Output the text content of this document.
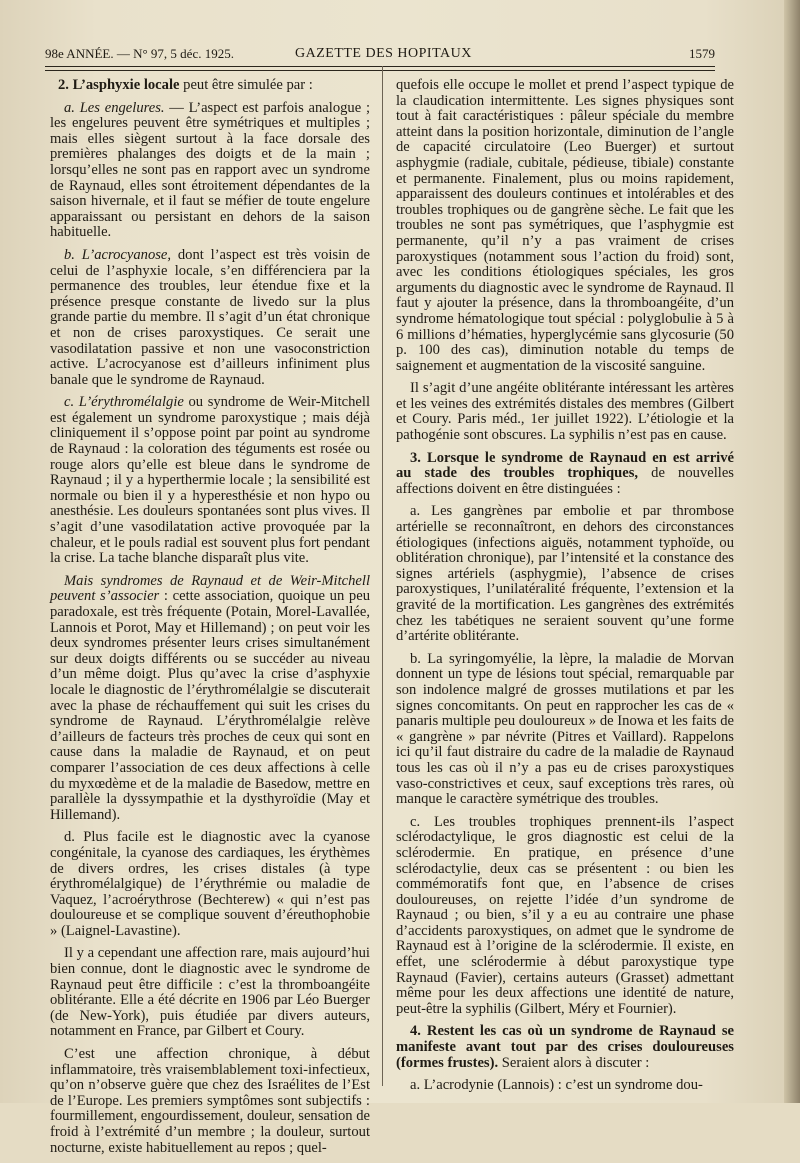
98e ANNÉE. — N° 97, 5 déc. 1925.	GAZETTE DES HOPITAUX	1579

2. L’asphyxie locale peut être simulée par :

a. Les engelures. — L’aspect est parfois analogue ; les engelures peuvent être symétriques et multiples ; mais elles siègent surtout à la face dorsale des premières phalanges des doigts et de la main ; lorsqu’elles ne sont pas en rapport avec un syndrome de Raynaud, elles sont étroitement dépendantes de la saison hivernale, et il faut se méfier de toute engelure apparaissant ou persistant en dehors de la saison habituelle.

b. L’acrocyanose, dont l’aspect est très voisin de celui de l’asphyxie locale, s’en différenciera par la permanence des troubles, leur étendue fixe et la présence presque constante de livedo sur la plus grande partie du membre. Il s’agit d’un état chronique et non de crises paroxystiques. Ce serait une vasodilatation passive et non une vasoconstriction active. L’acrocyanose est d’ailleurs infiniment plus banale que le syndrome de Raynaud.

c. L’érythromélalgie ou syndrome de Weir-Mitchell est également un syndrome paroxystique ; mais déjà cliniquement il s’oppose point par point au syndrome de Raynaud : la coloration des téguments est rosée ou rouge alors qu’elle est bleue dans le syndrome de Raynaud ; il y a hyperthermie locale ; la sensibilité est normale ou bien il y a hyperesthésie et non hypo ou anesthésie. Les douleurs spontanées sont plus vives. Il s’agit d’une vasodilatation active provoquée par la chaleur, et le pouls radial est souvent plus fort pendant la crise. La tache blanche disparaît plus vite.

Mais syndromes de Raynaud et de Weir-Mitchell peuvent s’associer : cette association, quoique un peu paradoxale, est très fréquente (Potain, Morel-Lavallée, Lannois et Porot, May et Hillemand) ; on peut voir les deux syndromes présenter leurs crises simultanément sur deux doigts différents ou se succéder au niveau d’un même doigt. Plus qu’avec la crise d’asphyxie locale le diagnostic de l’érythromélalgie se discuterait avec la phase de réchauffement qui suit les crises du syndrome de Raynaud. L’érythromélalgie relève d’ailleurs de facteurs très proches de ceux qui sont en cause dans la maladie de Raynaud, et on peut comparer l’association de ces deux affections à celle du myxœdème et de la maladie de Basedow, mettre en parallèle la dyssympathie et la dysthyroïdie (May et Hillemand).

d. Plus facile est le diagnostic avec la cyanose congénitale, la cyanose des cardiaques, les érythèmes de divers ordres, les crises distales (à type érythromélalgique) de l’érythrémie ou maladie de Vaquez, l’acroérythrose (Bechterew) « qui n’est pas douloureuse et se complique souvent d’éreuthophobie » (Laignel-Lavastine).

Il y a cependant une affection rare, mais aujourd’hui bien connue, dont le diagnostic avec le syndrome de Raynaud peut être difficile : c’est la thromboangéite oblitérante. Elle a été décrite en 1906 par Léo Buerger (de New-York), puis étudiée par divers auteurs, notamment en France, par Gilbert et Coury.

C’est une affection chronique, à début inflammatoire, très vraisemblablement toxi-infectieux, qu’on n’observe guère que chez des Israélites de l’Est de l’Europe. Les premiers symptômes sont subjectifs : fourmillement, engourdissement, douleur, sensation de froid à l’extrémité d’un membre ; la douleur, surtout nocturne, existe habituellement au repos ; quel-

quefois elle occupe le mollet et prend l’aspect typique de la claudication intermittente. Les signes physiques sont tout à fait caractéristiques : pâleur spéciale du membre atteint dans la position horizontale, diminution de l’angle de capacité circulatoire (Leo Buerger) et surtout asphygmie (radiale, cubitale, pédieuse, tibiale) constante et permanente. Finalement, plus ou moins rapidement, apparaissent des douleurs continues et intolérables et des troubles trophiques ou de gangrène sèche. Le fait que les troubles ne sont pas symétriques, que l’asphygmie est permanente, qu’il n’y a pas vraiment de crises paroxystiques (notamment sous l’action du froid) sont, avec les conditions étiologiques spéciales, les gros arguments du diagnostic avec le syndrome de Raynaud. Il faut y ajouter la présence, dans la thromboangéite, d’un syndrome hématologique tout spécial : polyglobulie à 5 à 6 millions d’hématies, hyperglycémie sans glycosurie (50 p. 100 des cas), diminution notable du temps de saignement et augmentation de la viscosité sanguine.

Il s’agit d’une angéite oblitérante intéressant les artères et les veines des extrémités distales des membres (Gilbert et Coury. Paris méd., 1er juillet 1922). L’étiologie et la pathogénie sont obscures. La syphilis n’est pas en cause.

3. Lorsque le syndrome de Raynaud en est arrivé au stade des troubles trophiques, de nouvelles affections doivent en être distinguées :

a. Les gangrènes par embolie et par thrombose artérielle se reconnaîtront, en dehors des circonstances étiologiques (infections aiguës, notamment typhoïde, ou oblitération chronique), par l’intensité et la constance des signes artériels (asphygmie), l’absence de crises paroxystiques, l’unilatéralité fréquente, l’extension et la gravité de la mortification. Les gangrènes des extrémités chez les tabétiques ne seraient souvent qu’une forme d’artérite oblitérante.

b. La syringomyélie, la lèpre, la maladie de Morvan donnent un type de lésions tout spécial, remarquable par son indolence malgré de grosses mutilations et par les signes concomitants. On peut en rapprocher les cas de « panaris multiple peu douloureux » de Inowa et les faits de « gangrène » par névrite (Pitres et Vaillard). Rappelons ici qu’il faut distraire du cadre de la maladie de Raynaud tous les cas où il n’y a pas eu de crises paroxystiques vaso-constrictives et ceux, sauf exceptions très rares, où manque le caractère symétrique des troubles.

c. Les troubles trophiques prennent-ils l’aspect sclérodactylique, le gros diagnostic est celui de la sclérodermie. En pratique, en présence d’une sclérodactylie, deux cas se présentent : ou bien les commémoratifs font que, en l’absence de crises douloureuses, on rejette l’idée d’un syndrome de Raynaud ; ou bien, s’il y a eu au contraire une phase d’accidents paroxystiques, on admet que le syndrome de Raynaud est à l’origine de la sclérodermie. Il existe, en effet, une sclérodermie à début paroxystique type Raynaud (Favier), certains auteurs (Grasset) admettant même pour les deux affections une identité de nature, peut-être la syphilis (Gilbert, Méry et Fournier).

4. Restent les cas où un syndrome de Raynaud se manifeste avant tout par des crises douloureuses (formes frustes). Seraient alors à discuter :

a. L’acrodynie (Lannois) : c’est un syndrome dou-
